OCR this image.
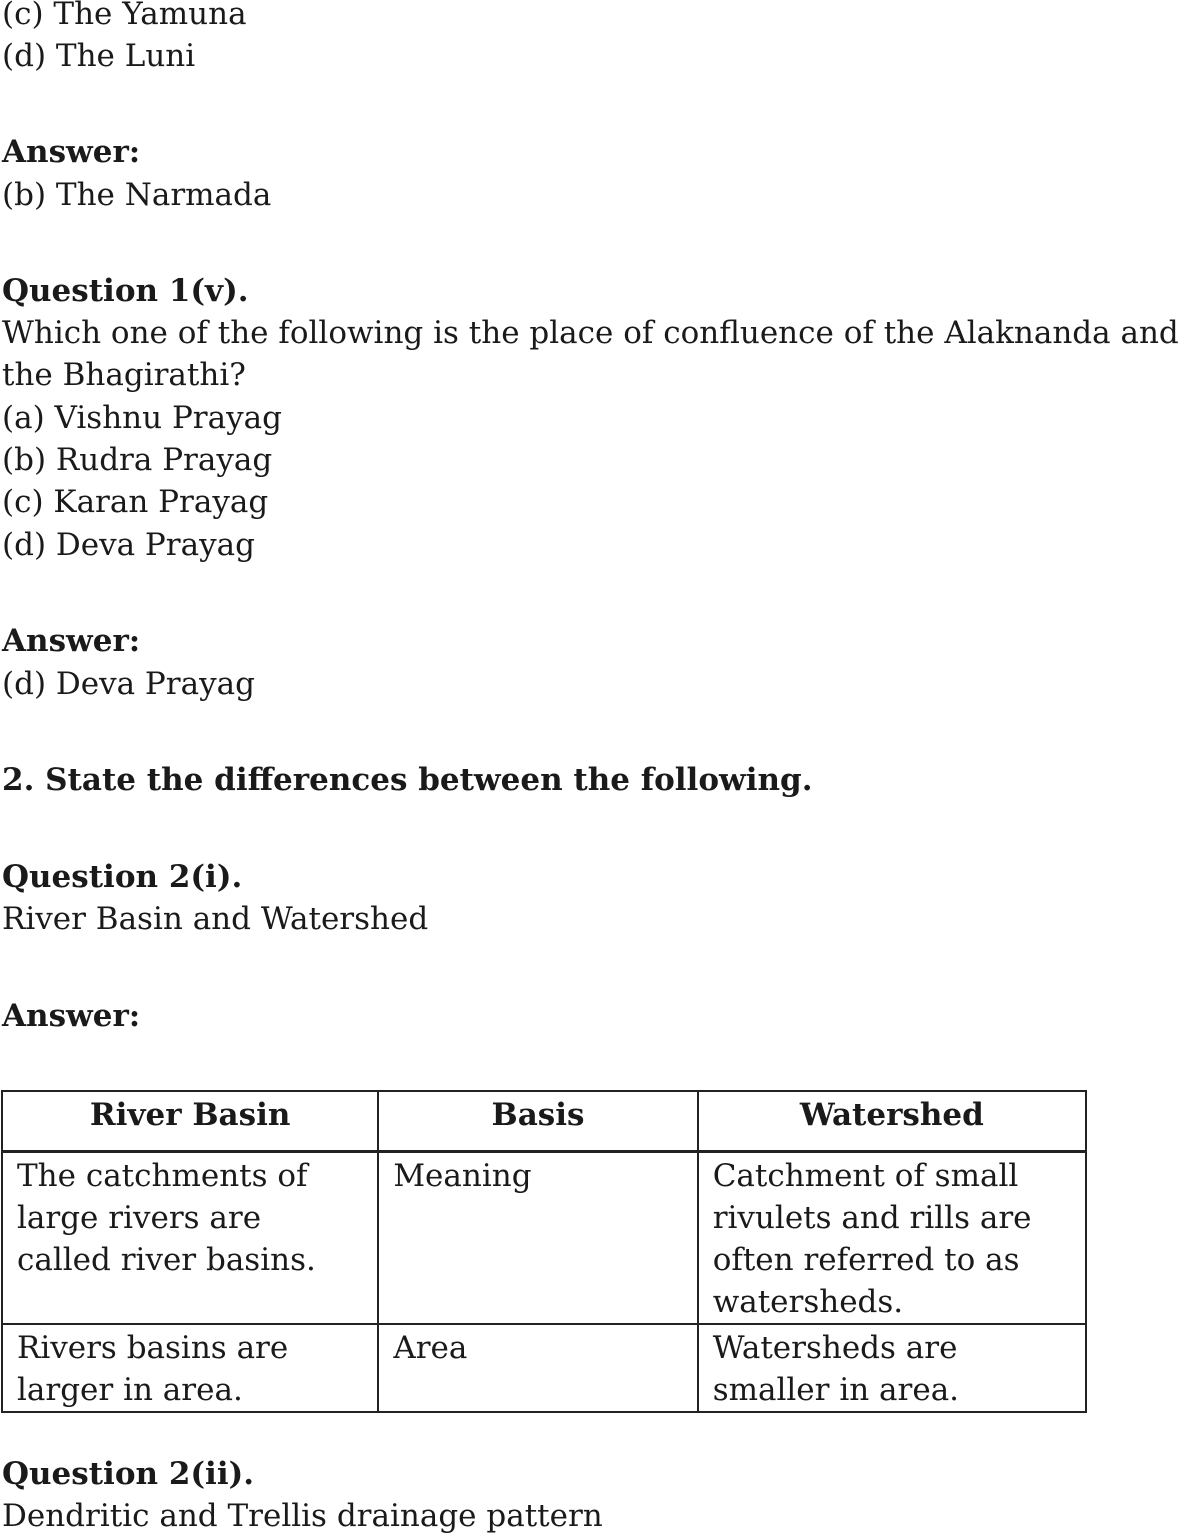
(c) The Yamuna

(d) The Luni

Answer:

(b) The Narmada

Question 1(v).

Which one of the following is the place of confluence of the Alaknanda and the Bhagirathi?

(a) Vishnu Prayag

(b) Rudra Prayag

(c) Karan Prayag

(d) Deva Prayag

Answer:

(d) Deva Prayag

2. State the differences between the following.

Question 2(i).

River Basin and Watershed

Answer:

River Basin	Basis	Watershed
The catchments of large rivers are called river basins.	Meaning	Catchment of small rivulets and rills are often referred to as watersheds.
Rivers basins are larger in area.	Area	Watersheds are smaller in area.

Question 2(ii).

Dendritic and Trellis drainage pattern
